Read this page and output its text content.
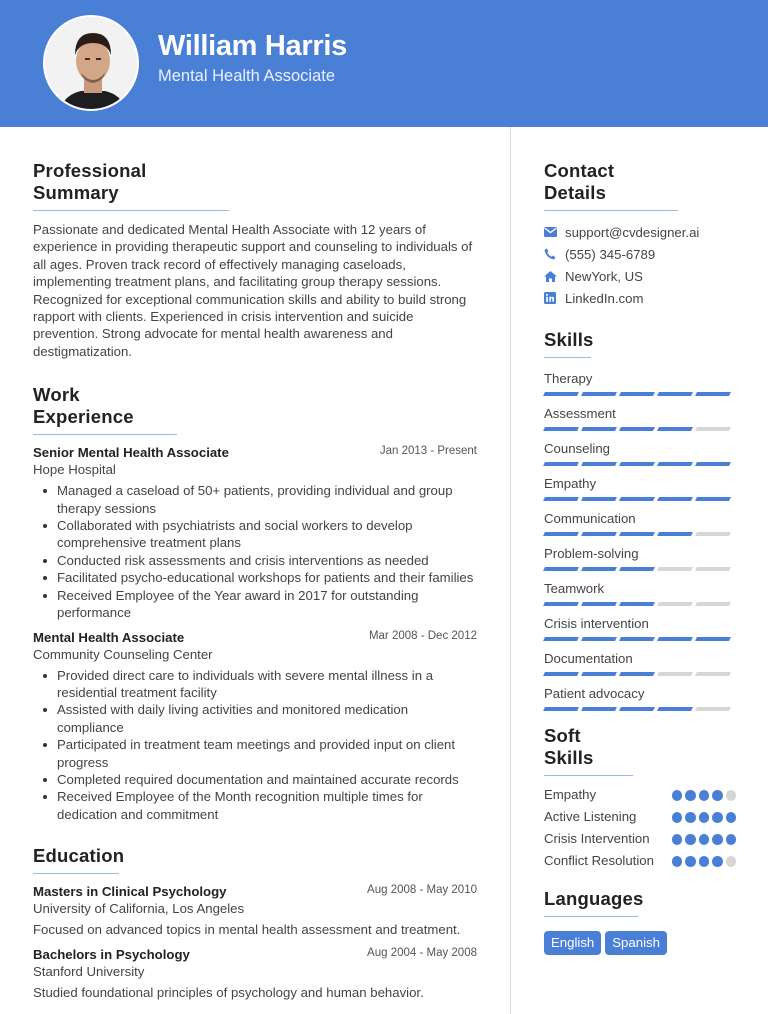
William Harris
Mental Health Associate
Professional Summary

Passionate and dedicated Mental Health Associate with 12 years of experience in providing therapeutic support and counseling to individuals of all ages. Proven track record of effectively managing caseloads, implementing treatment plans, and facilitating group therapy sessions. Recognized for exceptional communication skills and ability to build strong rapport with clients. Experienced in crisis intervention and suicide prevention. Strong advocate for mental health awareness and destigmatization.

Work Experience
Senior Mental Health Associate	Jan 2013 - Present
Hope Hospital
Managed a caseload of 50+ patients, providing individual and group therapy sessions
Collaborated with psychiatrists and social workers to develop comprehensive treatment plans
Conducted risk assessments and crisis interventions as needed
Facilitated psycho-educational workshops for patients and their families
Received Employee of the Year award in 2017 for outstanding performance
Mental Health Associate	Mar 2008 - Dec 2012
Community Counseling Center
Provided direct care to individuals with severe mental illness in a residential treatment facility
Assisted with daily living activities and monitored medication compliance
Participated in treatment team meetings and provided input on client progress
Completed required documentation and maintained accurate records
Received Employee of the Month recognition multiple times for dedication and commitment
Education
Masters in Clinical Psychology	Aug 2008 - May 2010
University of California, Los Angeles
Focused on advanced topics in mental health assessment and treatment.
Bachelors in Psychology	Aug 2004 - May 2008
Stanford University
Studied foundational principles of psychology and human behavior.
Contact Details
support@cvdesigner.ai
(555) 345-6789
NewYork, US
LinkedIn.com
Skills
Therapy
Assessment
Counseling
Empathy
Communication
Problem-solving
Teamwork
Crisis intervention
Documentation
Patient advocacy
Soft Skills
Empathy
Active Listening
Crisis Intervention
Conflict Resolution
Languages
English	Spanish
